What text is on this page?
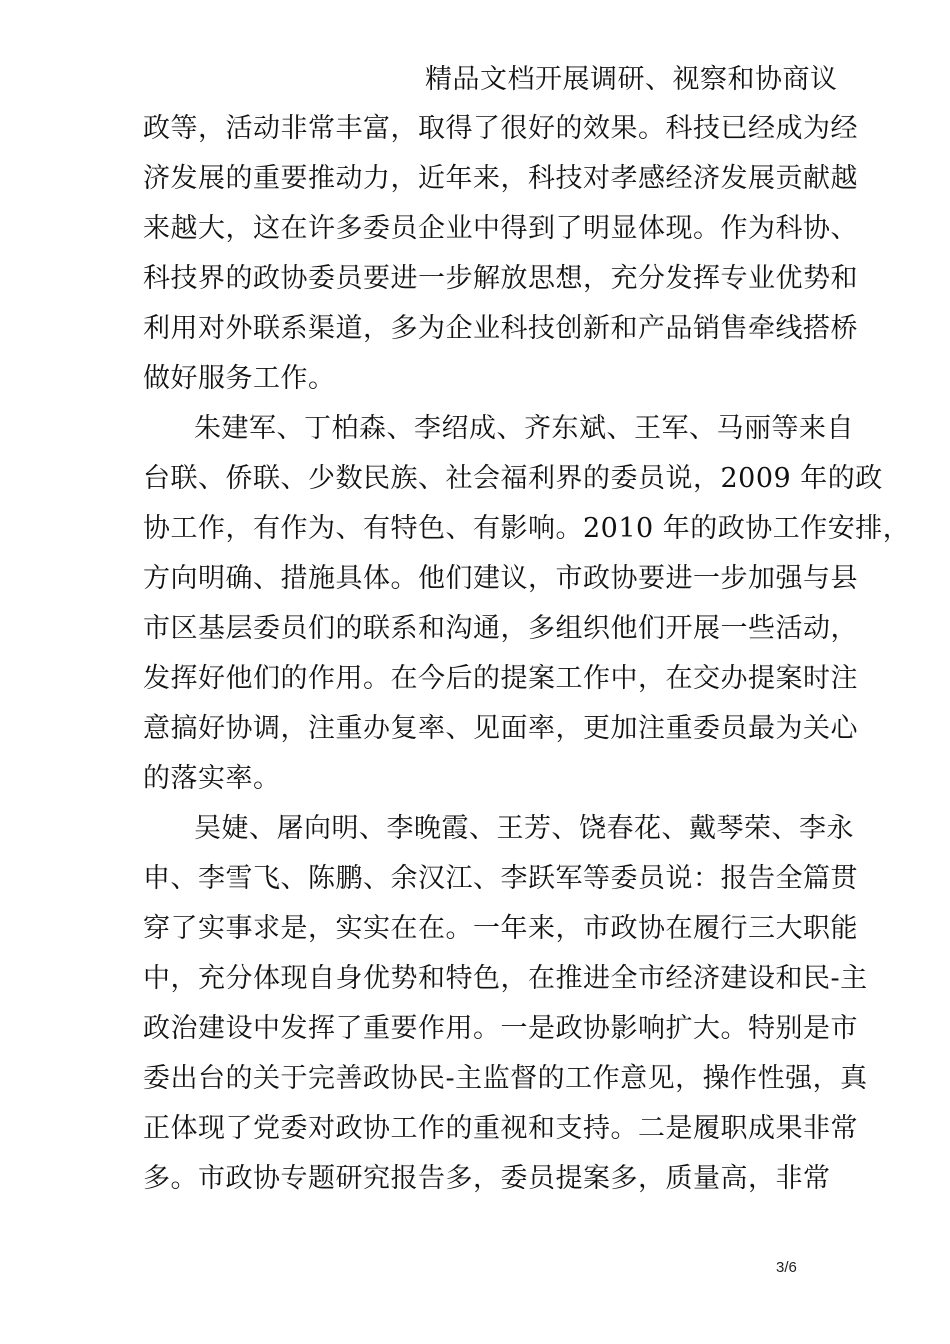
精品文档开展调研、视察和协商议
政等，活动非常丰富，取得了很好的效果。科技已经成为经
济发展的重要推动力，近年来，科技对孝感经济发展贡献越
来越大，这在许多委员企业中得到了明显体现。作为科协、
科技界的政协委员要进一步解放思想，充分发挥专业优势和
利用对外联系渠道，多为企业科技创新和产品销售牵线搭桥
做好服务工作。
朱建军、丁柏森、李绍成、齐东斌、王军、马丽等来自
台联、侨联、少数民族、社会福利界的委员说，2009 年的政
协工作，有作为、有特色、有影响。2010 年的政协工作安排，
方向明确、措施具体。他们建议，市政协要进一步加强与县
市区基层委员们的联系和沟通，多组织他们开展一些活动，
发挥好他们的作用。在今后的提案工作中，在交办提案时注
意搞好协调，注重办复率、见面率，更加注重委员最为关心
的落实率。
吴婕、屠向明、李晚霞、王芳、饶春花、戴琴荣、李永
申、李雪飞、陈鹏、余汉江、李跃军等委员说：报告全篇贯
穿了实事求是，实实在在。一年来，市政协在履行三大职能
中，充分体现自身优势和特色，在推进全市经济建设和民-主
政治建设中发挥了重要作用。一是政协影响扩大。特别是市
委出台的关于完善政协民-主监督的工作意见，操作性强，真
正体现了党委对政协工作的重视和支持。二是履职成果非常
多。市政协专题研究报告多，委员提案多，质量高，非常
3/6
